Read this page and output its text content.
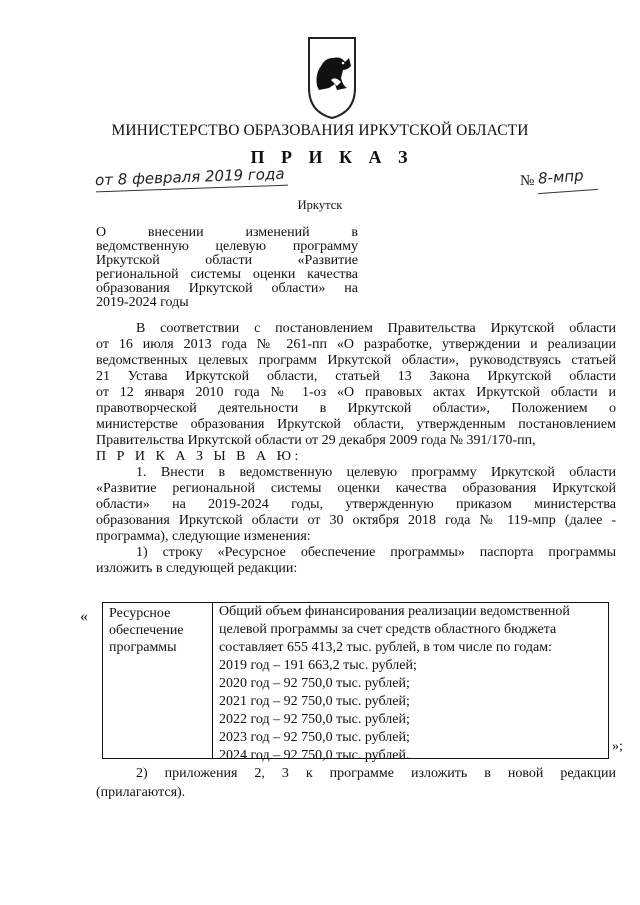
МИНИСТЕРСТВО ОБРАЗОВАНИЯ ИРКУТСКОЙ ОБЛАСТИ
П Р И К А З
от 8 февраля 2019 года	№ 8-мпр
Иркутск
О внесении изменений в
ведомственную целевую программу
Иркутской области «Развитие
региональной системы оценки качества
образования Иркутской области» на
2019-2024 годы
В соответствии с постановлением Правительства Иркутской области
от 16 июля 2013 года № 261-пп «О разработке, утверждении и реализации
ведомственных целевых программ Иркутской области», руководствуясь статьей
21 Устава Иркутской области, статьей 13 Закона Иркутской области
от 12 января 2010 года № 1-оз «О правовых актах Иркутской области и
правотворческой деятельности в Иркутской области», Положением о
министерстве образования Иркутской области, утвержденным постановлением
Правительства Иркутской области от 29 декабря 2009 года № 391/170-пп,
П Р И К А З Ы В А Ю:
1. Внести в ведомственную целевую программу Иркутской области
«Развитие региональной системы оценки качества образования Иркутской
области» на 2019-2024 годы, утвержденную приказом министерства
образования Иркутской области от 30 октября 2018 года № 119-мпр (далее -
программа), следующие изменения:
1) строку «Ресурсное обеспечение программы» паспорта программы
изложить в следующей редакции:
« Ресурсное
обеспечение
программы
Общий объем финансирования реализации ведомственной
целевой программы за счет средств областного бюджета
составляет 655 413,2 тыс. рублей, в том числе по годам:
2019 год – 191 663,2 тыс. рублей;
2020 год – 92 750,0 тыс. рублей;
2021 год – 92 750,0 тыс. рублей;
2022 год – 92 750,0 тыс. рублей;
2023 год – 92 750,0 тыс. рублей;
2024 год – 92 750,0 тыс. рублей.
»;
2) приложения 2, 3 к программе изложить в новой редакции
(прилагаются).
